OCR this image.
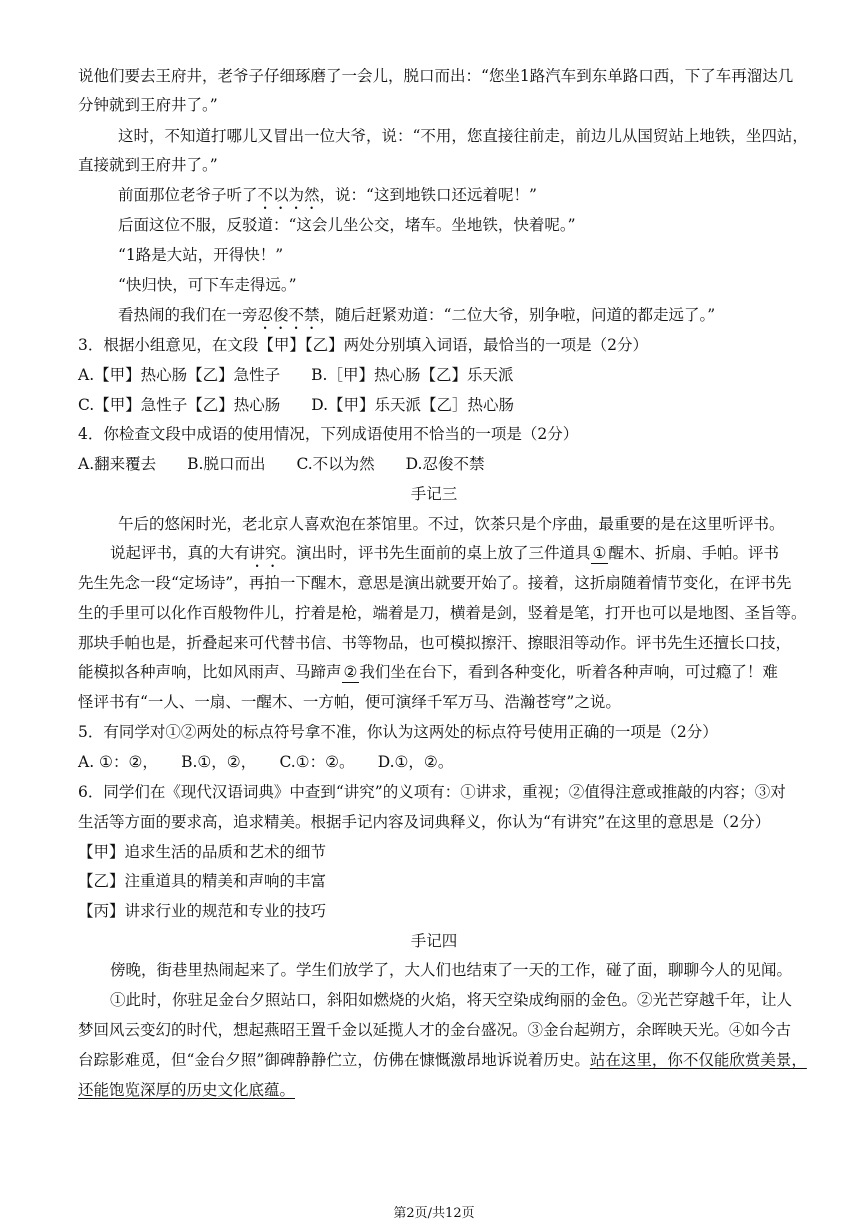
说他们要去王府井，老爷子仔细琢磨了一会儿，脱口而出：“您坐1路汽车到东单路口西，下了车再溜达几
分钟就到王府井了。”
这时，不知道打哪儿又冒出一位大爷，说：“不用，您直接往前走，前边儿从国贸站上地铁，坐四站，
直接就到王府井了。”
前面那位老爷子听了不以为然，说：“这到地铁口还远着呢！”
后面这位不服，反驳道：“这会儿坐公交，堵车。坐地铁，快着呢。”
“1路是大站，开得快！”
“快归快，可下车走得远。”
看热闹的我们在一旁忍俊不禁，随后赶紧劝道：“二位大爷，别争啦，问道的都走远了。”
3．根据小组意见，在文段【甲】【乙】两处分别填入词语，最恰当的一项是（2分）
A.【甲】热心肠【乙】急性子　　B.［甲】热心肠【乙】乐天派
C.【甲】急性子【乙】热心肠　　D.【甲】乐天派【乙］热心肠
4．你检查文段中成语的使用情况，下列成语使用不恰当的一项是（2分）
A.翻来覆去　　B.脱口而出　　C.不以为然　　D.忍俊不禁
手记三
午后的悠闲时光，老北京人喜欢泡在茶馆里。不过，饮茶只是个序曲，最重要的是在这里听评书。
说起评书，真的大有讲究。演出时，评书先生面前的桌上放了三件道具 ① 醒木、折扇、手帕。评书
先生先念一段“定场诗”，再拍一下醒木，意思是演出就要开始了。接着，这折扇随着情节变化，在评书先
生的手里可以化作百般物件儿，拧着是枪，端着是刀，横着是剑，竖着是笔，打开也可以是地图、圣旨等。
那块手帕也是，折叠起来可代替书信、书等物品，也可模拟擦汗、擦眼泪等动作。评书先生还擅长口技，
能模拟各种声响，比如风雨声、马蹄声 ② 我们坐在台下，看到各种变化，听着各种声响，可过瘾了！难
怪评书有“一人、一扇、一醒木、一方帕，便可演绎千军万马、浩瀚苍穹”之说。
5．有同学对①②两处的标点符号拿不准，你认为这两处的标点符号使用正确的一项是（2分）
A. ①：②，　　B.①，②，　　C.①：②。　　D.①，②。
6．同学们在《现代汉语词典》中查到“讲究”的义项有：①讲求，重视；②值得注意或推敲的内容；③对
生活等方面的要求高，追求精美。根据手记内容及词典释义，你认为“有讲究”在这里的意思是（2分）
【甲】追求生活的品质和艺术的细节
【乙】注重道具的精美和声响的丰富
【丙】讲求行业的规范和专业的技巧
手记四
傍晚，街巷里热闹起来了。学生们放学了，大人们也结束了一天的工作，碰了面，聊聊今人的见闻。
①此时，你驻足金台夕照站口，斜阳如燃烧的火焰，将天空染成绚丽的金色。②光芒穿越千年，让人
梦回风云变幻的时代，想起燕昭王置千金以延揽人才的金台盛况。③金台起朔方，余晖映天光。④如今古
台踪影难觅，但“金台夕照”御碑静静伫立，仿佛在慷慨激昂地诉说着历史。站在这里，你不仅能欣赏美景，
还能饱览深厚的历史文化底蕴。
第2页/共12页
